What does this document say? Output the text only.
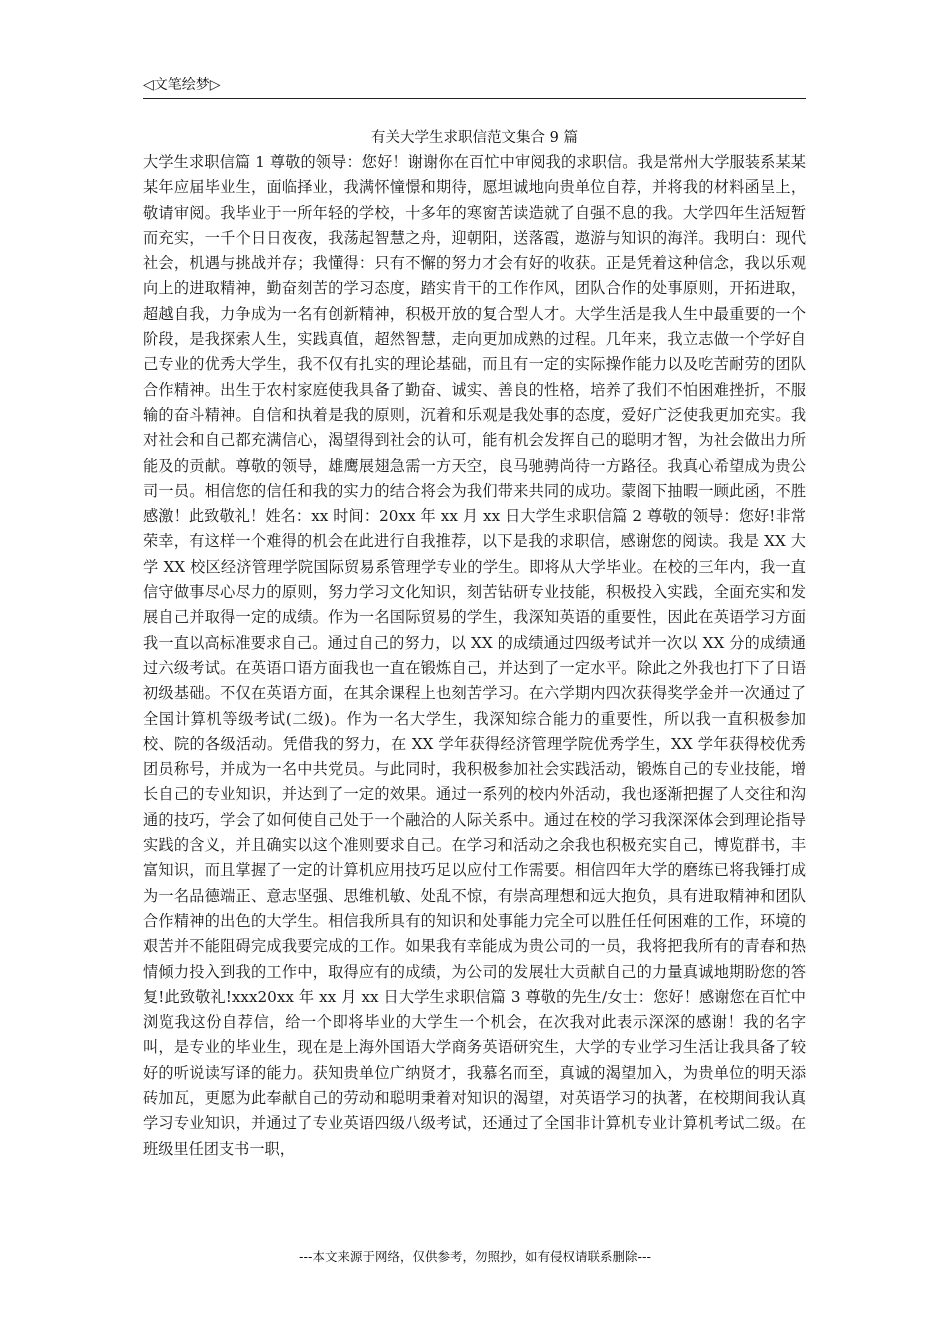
◁文笔绘梦▷
有关大学生求职信范文集合 9 篇

大学生求职信篇 1 尊敬的领导：您好！谢谢你在百忙中审阅我的求职信。我是常州大学服装系某某某年应届毕业生，面临择业，我满怀憧憬和期待，愿坦诚地向贵单位自荐，并将我的材料函呈上，敬请审阅。我毕业于一所年轻的学校，十多年的寒窗苦读造就了自强不息的我。大学四年生活短暂而充实，一千个日日夜夜，我荡起智慧之舟，迎朝阳，送落霞，遨游与知识的海洋。我明白：现代社会，机遇与挑战并存；我懂得：只有不懈的努力才会有好的收获。正是凭着这种信念，我以乐观向上的进取精神，勤奋刻苦的学习态度，踏实肯干的工作作风，团队合作的处事原则，开拓进取，超越自我，力争成为一名有创新精神，积极开放的复合型人才。大学生活是我人生中最重要的一个阶段，是我探索人生，实践真值，超然智慧，走向更加成熟的过程。几年来，我立志做一个学好自己专业的优秀大学生，我不仅有扎实的理论基础，而且有一定的实际操作能力以及吃苦耐劳的团队合作精神。出生于农村家庭使我具备了勤奋、诚实、善良的性格，培养了我们不怕困难挫折，不服输的奋斗精神。自信和执着是我的原则，沉着和乐观是我处事的态度，爱好广泛使我更加充实。我对社会和自己都充满信心，渴望得到社会的认可，能有机会发挥自己的聪明才智，为社会做出力所能及的贡献。尊敬的领导，雄鹰展翅急需一方天空，良马驰骋尚待一方路径。我真心希望成为贵公司一员。相信您的信任和我的实力的结合将会为我们带来共同的成功。蒙阁下抽暇一顾此函，不胜感激！此致敬礼！姓名：xx 时间：20xx 年 xx 月 xx 日大学生求职信篇 2 尊敬的领导：您好!非常荣幸，有这样一个难得的机会在此进行自我推荐，以下是我的求职信，感谢您的阅读。我是 XX 大学 XX 校区经济管理学院国际贸易系管理学专业的学生。即将从大学毕业。在校的三年内，我一直信守做事尽心尽力的原则，努力学习文化知识，刻苦钻研专业技能，积极投入实践，全面充实和发展自己并取得一定的成绩。作为一名国际贸易的学生，我深知英语的重要性，因此在英语学习方面我一直以高标准要求自己。通过自己的努力，以 XX 的成绩通过四级考试并一次以 XX 分的成绩通过六级考试。在英语口语方面我也一直在锻炼自己，并达到了一定水平。除此之外我也打下了日语初级基础。不仅在英语方面，在其余课程上也刻苦学习。在六学期内四次获得奖学金并一次通过了全国计算机等级考试(二级)。作为一名大学生，我深知综合能力的重要性，所以我一直积极参加校、院的各级活动。凭借我的努力，在 XX 学年获得经济管理学院优秀学生，XX 学年获得校优秀团员称号，并成为一名中共党员。与此同时，我积极参加社会实践活动，锻炼自己的专业技能，增长自己的专业知识，并达到了一定的效果。通过一系列的校内外活动，我也逐渐把握了人交往和沟通的技巧，学会了如何使自己处于一个融洽的人际关系中。通过在校的学习我深深体会到理论指导实践的含义，并且确实以这个准则要求自己。在学习和活动之余我也积极充实自己，博览群书，丰富知识，而且掌握了一定的计算机应用技巧足以应付工作需要。相信四年大学的磨练已将我锤打成为一名品德端正、意志坚强、思维机敏、处乱不惊，有崇高理想和远大抱负，具有进取精神和团队合作精神的出色的大学生。相信我所具有的知识和处事能力完全可以胜任任何困难的工作，环境的艰苦并不能阻碍完成我要完成的工作。如果我有幸能成为贵公司的一员，我将把我所有的青春和热情倾力投入到我的工作中，取得应有的成绩，为公司的发展壮大贡献自己的力量真诚地期盼您的答复!此致敬礼!xxx20xx 年 xx 月 xx 日大学生求职信篇 3 尊敬的先生/女士：您好！感谢您在百忙中浏览我这份自荐信，给一个即将毕业的大学生一个机会，在次我对此表示深深的感谢！我的名字叫，是专业的毕业生，现在是上海外国语大学商务英语研究生，大学的专业学习生活让我具备了较好的听说读写译的能力。获知贵单位广纳贤才，我慕名而至，真诚的渴望加入，为贵单位的明天添砖加瓦，更愿为此奉献自己的劳动和聪明秉着对知识的渴望，对英语学习的执著，在校期间我认真学习专业知识，并通过了专业英语四级八级考试，还通过了全国非计算机专业计算机考试二级。在班级里任团支书一职，

---本文来源于网络，仅供参考，勿照抄，如有侵权请联系删除---
